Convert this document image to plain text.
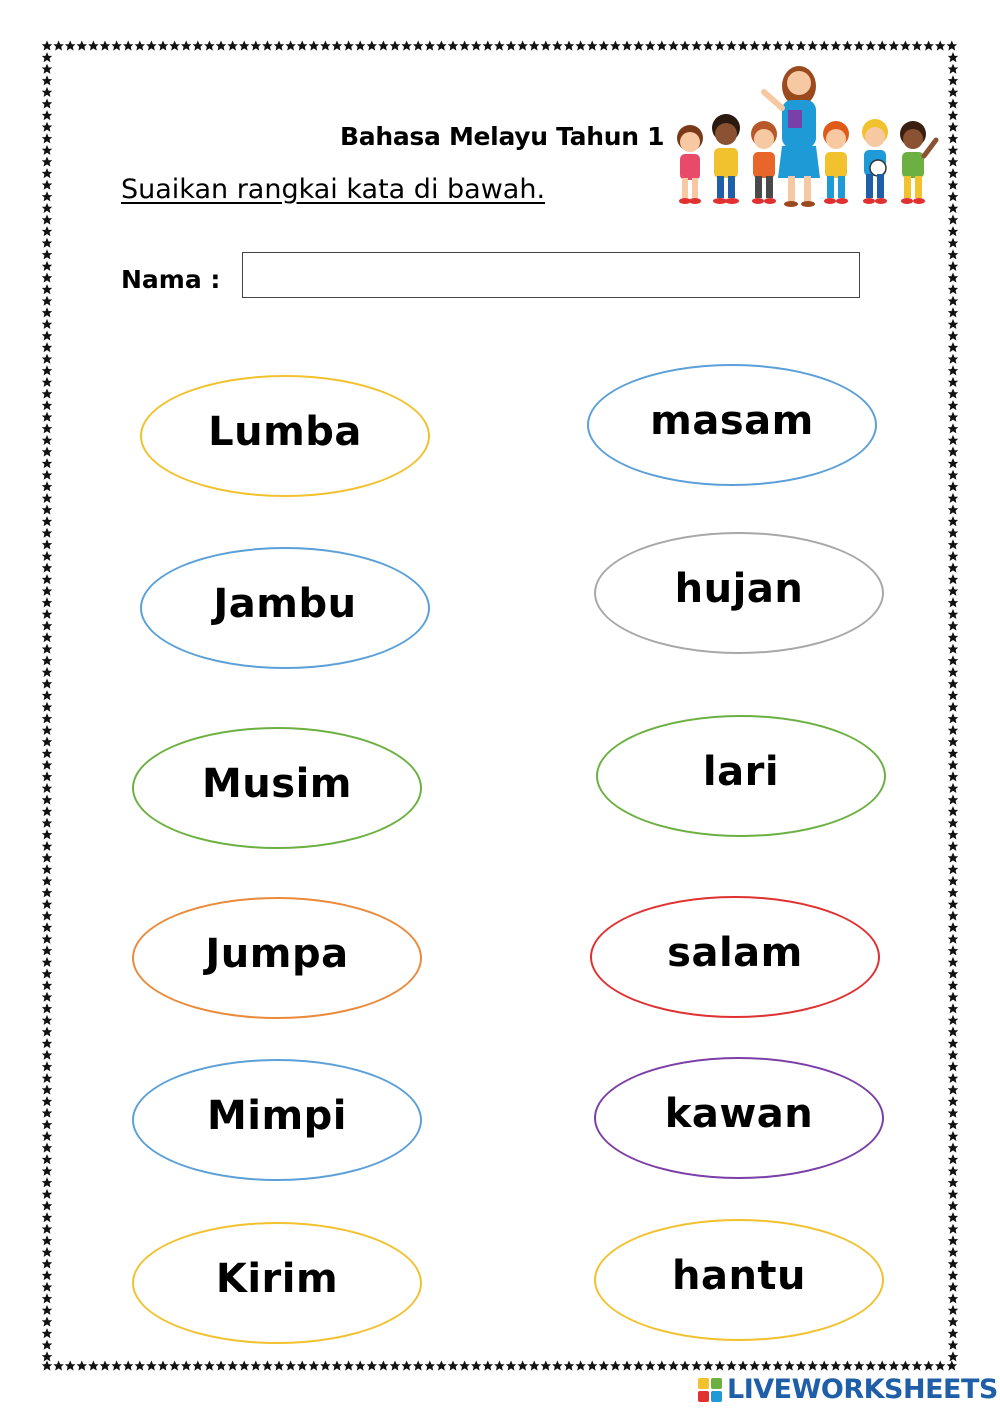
Bahasa Melayu Tahun 1
Suaikan rangkai kata di bawah.
Nama :
Lumba
Jambu
Musim
Jumpa
Mimpi
Kirim
masam
hujan
lari
salam
kawan
hantu
LIVEWORKSHEETS
